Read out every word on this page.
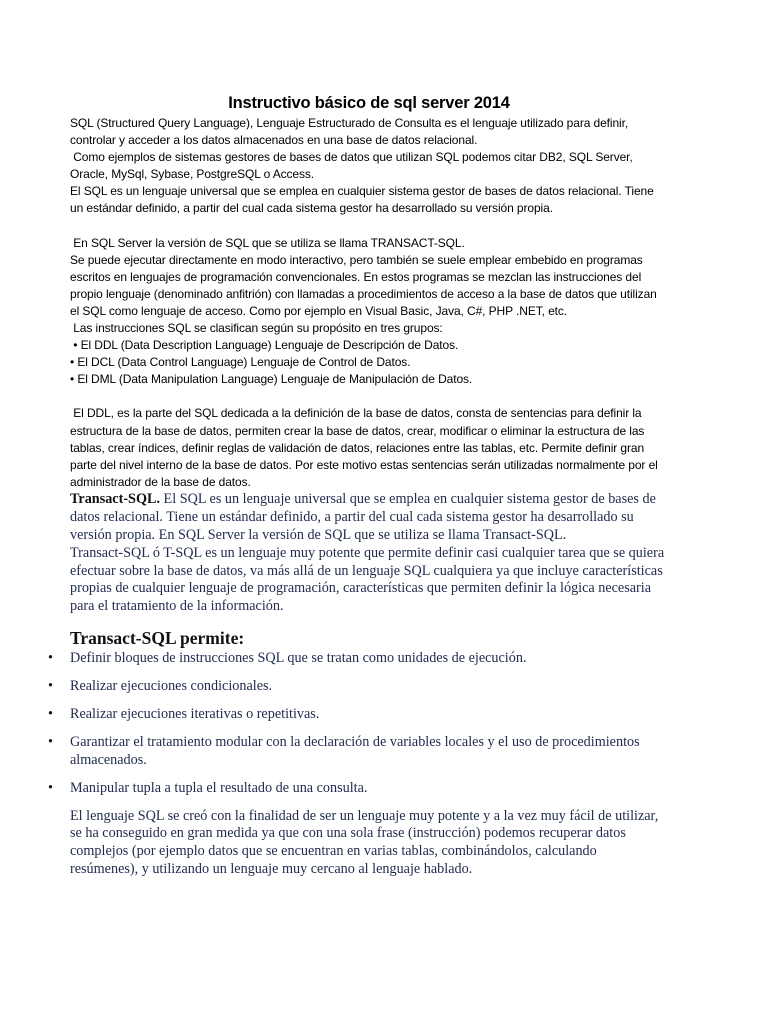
Instructivo básico de sql server 2014

SQL (Structured Query Language), Lenguaje Estructurado de Consulta es el lenguaje utilizado para definir, controlar y acceder a los datos almacenados en una base de datos relacional.

Como ejemplos de sistemas gestores de bases de datos que utilizan SQL podemos citar DB2, SQL Server, Oracle, MySql, Sybase, PostgreSQL o Access.

El SQL es un lenguaje universal que se emplea en cualquier sistema gestor de bases de datos relacional. Tiene un estándar definido, a partir del cual cada sistema gestor ha desarrollado su versión propia.

En SQL Server la versión de SQL que se utiliza se llama TRANSACT-SQL.

Se puede ejecutar directamente en modo interactivo, pero también se suele emplear embebido en programas escritos en lenguajes de programación convencionales. En estos programas se mezclan las instrucciones del propio lenguaje (denominado anfitrión) con llamadas a procedimientos de acceso a la base de datos que utilizan el SQL como lenguaje de acceso. Como por ejemplo en Visual Basic, Java, C#, PHP .NET, etc.

Las instrucciones SQL se clasifican según su propósito en tres grupos:

• El DDL (Data Description Language) Lenguaje de Descripción de Datos.

• El DCL (Data Control Language) Lenguaje de Control de Datos.

• El DML (Data Manipulation Language) Lenguaje de Manipulación de Datos.

El DDL, es la parte del SQL dedicada a la definición de la base de datos, consta de sentencias para definir la estructura de la base de datos, permiten crear la base de datos, crear, modificar o eliminar la estructura de las tablas, crear índices, definir reglas de validación de datos, relaciones entre las tablas, etc. Permite definir gran parte del nivel interno de la base de datos. Por este motivo estas sentencias serán utilizadas normalmente por el administrador de la base de datos.

Transact-SQL. El SQL es un lenguaje universal que se emplea en cualquier sistema gestor de bases de datos relacional. Tiene un estándar definido, a partir del cual cada sistema gestor ha desarrollado su versión propia. En SQL Server la versión de SQL que se utiliza se llama Transact-SQL.

Transact-SQL ó T-SQL es un lenguaje muy potente que permite definir casi cualquier tarea que se quiera efectuar sobre la base de datos, va más allá de un lenguaje SQL cualquiera ya que incluye características propias de cualquier lenguaje de programación, características que permiten definir la lógica necesaria para el tratamiento de la información.

Transact-SQL permite:
• Definir bloques de instrucciones SQL que se tratan como unidades de ejecución.
• Realizar ejecuciones condicionales.
• Realizar ejecuciones iterativas o repetitivas.
• Garantizar el tratamiento modular con la declaración de variables locales y el uso de procedimientos almacenados.
• Manipular tupla a tupla el resultado de una consulta.

El lenguaje SQL se creó con la finalidad de ser un lenguaje muy potente y a la vez muy fácil de utilizar, se ha conseguido en gran medida ya que con una sola frase (instrucción) podemos recuperar datos complejos (por ejemplo datos que se encuentran en varias tablas, combinándolos, calculando resúmenes), y utilizando un lenguaje muy cercano al lenguaje hablado.
